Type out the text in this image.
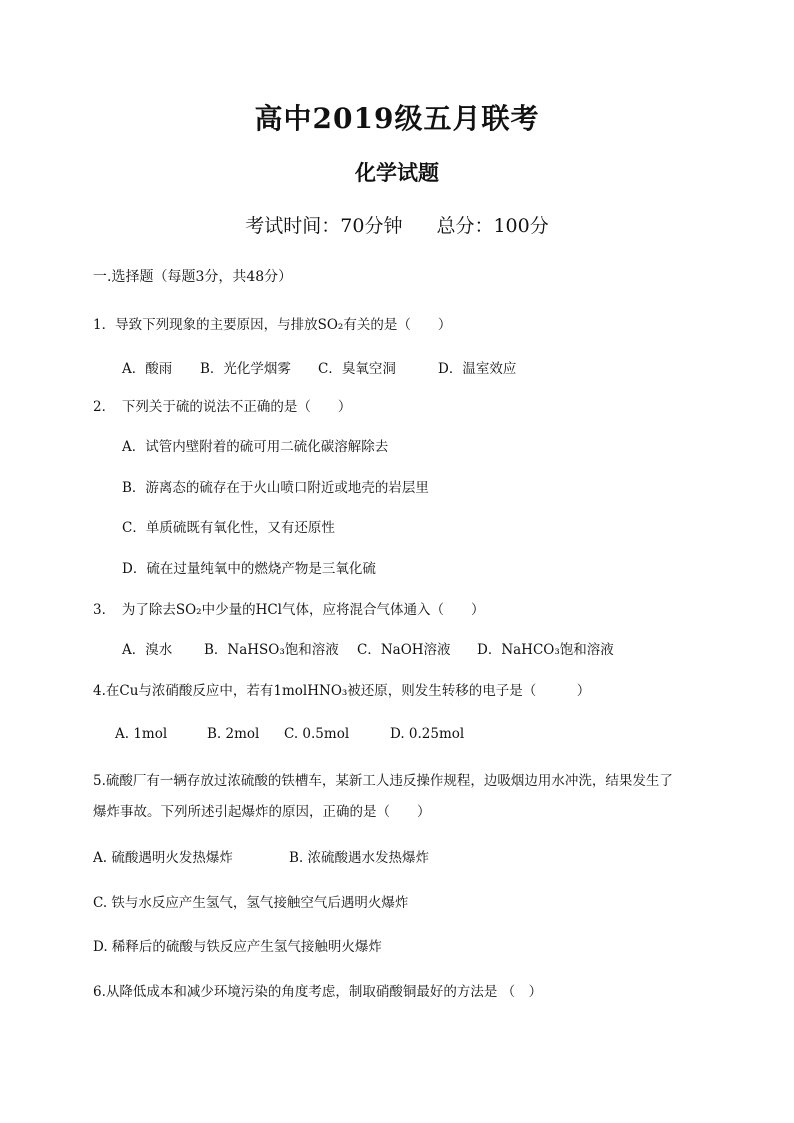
高中2019级五月联考
化学试题
考试时间：70分钟 总分：100分
一.选择题（每题3分，共48分）
1．导致下列现象的主要原因，与排放SO₂有关的是（　　）
A．酸雨 B．光化学烟雾 C．臭氧空洞	D．温室效应
2．　下列关于硫的说法不正确的是（　　）
A．试管内壁附着的硫可用二硫化碳溶解除去
B．游离态的硫存在于火山喷口附近或地壳的岩层里
C．单质硫既有氧化性，又有还原性
D．硫在过量纯氧中的燃烧产物是三氧化硫
3．　为了除去SO₂中少量的HCl气体，应将混合气体通入（　　）
A．溴水 B．NaHSO₃饱和溶液 C．NaOH溶液 D．NaHCO₃饱和溶液
4.在Cu与浓硝酸反应中，若有1molHNO₃被还原，则发生转移的电子是（　　　）
A. 1mol	B. 2mol C. 0.5mol	D. 0.25mol
5.硫酸厂有一辆存放过浓硫酸的铁槽车，某新工人违反操作规程，边吸烟边用水冲洗，结果发生了
爆炸事故。下列所述引起爆炸的原因，正确的是（　　）
A. 硫酸遇明火发热爆炸	B. 浓硫酸遇水发热爆炸
C. 铁与水反应产生氢气，氢气接触空气后遇明火爆炸
D. 稀释后的硫酸与铁反应产生氢气接触明火爆炸
6.从降低成本和减少环境污染的角度考虑，制取硝酸铜最好的方法是 （　）
